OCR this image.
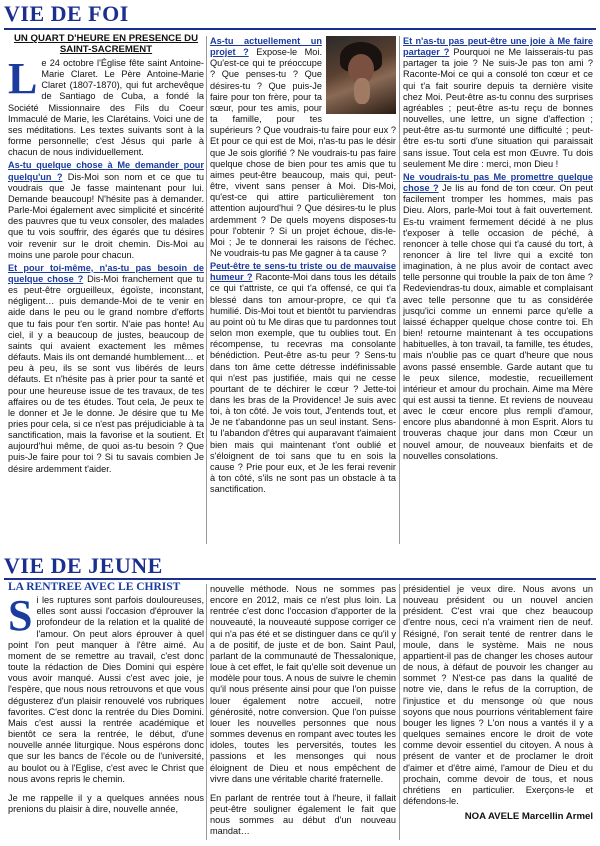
VIE DE FOI
UN QUART D'HEURE EN PRESENCE DU SAINT-SACREMENT

Le 24 octobre l'Église fête saint Antoine-Marie Claret. Le Père Antoine-Marie Claret (1807-1870), qui fut archevêque de Santiago de Cuba, a fondé la Société Missionnaire des Fils du Coeur Immaculé de Marie, les Clarétains. Voici une de ses méditations. Les textes suivants sont à la forme personnelle; c'est Jésus qui parle à chacun de nous individuellement.

As-tu quelque chose à Me demander pour quelqu'un ? Dis-Moi son nom et ce que tu voudrais que Je fasse maintenant pour lui. Demande beaucoup! N'hésite pas à demander. Parle-Moi également avec simplicité et sincérité des pauvres que tu veux consoler, des malades que tu vois souffrir, des égarés que tu désires voir revenir sur le droit chemin. Dis-Moi au moins une parole pour chacun.

Et pour toi-même, n'as-tu pas besoin de quelque chose ? Dis-Moi franchement que tu es peut-être orgueilleux, égoïste, inconstant, négligent… puis demande-Moi de te venir en aide dans le peu ou le grand nombre d'efforts que tu fais pour t'en sortir. N'aie pas honte! Au ciel, il y a beaucoup de justes, beaucoup de saints qui avaient exactement les mêmes défauts. Mais ils ont demandé humblement… et peu à peu, ils se sont vus libérés de leurs défauts. Et n'hésite pas à prier pour ta santé et pour une heureuse issue de tes travaux, de tes affaires ou de tes études. Tout cela, Je peux te le donner et Je le donne. Je désire que tu Me pries pour cela, si ce n'est pas préjudiciable à ta sanctification, mais la favorise et la soutient. Et aujourd'hui même, de quoi as-tu besoin ? Que puis-Je faire pour toi ? Si tu savais combien Je désire ardemment t'aider.

As-tu actuellement un projet ? Expose-le Moi. Qu'est-ce qui te préoccupe ? Que penses-tu ? Que désires-tu ? Que puis-Je faire pour ton frère, pour ta sœur, pour tes amis, pour ta famille, pour tes supérieurs ? Que voudrais-tu faire pour eux ? Et pour ce qui est de Moi, n'as-tu pas le désir que Je sois glorifié ? Ne voudrais-tu pas faire quelque chose de bien pour tes amis que tu aimes peut-être beaucoup, mais qui, peut-être, vivent sans penser à Moi. Dis-Moi, qu'est-ce qui attire particulièrement ton attention aujourd'hui ? Que désires-tu le plus ardemment ? De quels moyens disposes-tu pour l'obtenir ? Si un projet échoue, dis-le-Moi ; Je te donnerai les raisons de l'échec. Ne voudrais-tu pas Me gagner à ta cause ?

Peut-être te sens-tu triste ou de mauvaise humeur ? Raconte-Moi dans tous les détails ce qui t'attriste, ce qui t'a offensé, ce qui t'a blessé dans ton amour-propre, ce qui t'a humilié. Dis-Moi tout et bientôt tu parviendras au point où tu Me diras que tu pardonnes tout selon mon exemple, que tu oublies tout. En récompense, tu recevras ma consolante bénédiction. Peut-être as-tu peur ? Sens-tu dans ton âme cette détresse indéfinissable qui n'est pas justifiée, mais qui ne cesse pourtant de te déchirer le cœur ? Jette-toi dans les bras de la Providence! Je suis avec toi, à ton côté. Je vois tout, J'entends tout, et Je ne t'abandonne pas un seul instant. Sens-tu l'abandon d'êtres qui auparavant t'aimaient bien mais qui maintenant t'ont oublié et s'éloignent de toi sans que tu en sois la cause ? Prie pour eux, et Je les ferai revenir à ton côté, s'ils ne sont pas un obstacle à ta sanctification.

Et n'as-tu pas peut-être une joie à Me faire partager ? Pourquoi ne Me laisserais-tu pas partager ta joie ? Ne suis-Je pas ton ami ? Raconte-Moi ce qui a consolé ton cœur et ce qui t'a fait sourire depuis ta dernière visite chez Moi. Peut-être as-tu connu des surprises agréables ; peut-être as-tu reçu de bonnes nouvelles, une lettre, un signe d'affection ; peut-être as-tu surmonté une difficulté ; peut-être es-tu sorti d'une situation qui paraissait sans issue. Tout cela est mon Œuvre. Tu dois seulement Me dire : merci, mon Dieu !

Ne voudrais-tu pas Me promettre quelque chose ? Je lis au fond de ton cœur. On peut facilement tromper les hommes, mais pas Dieu. Alors, parle-Moi tout à fait ouvertement. Es-tu vraiment fermement décidé à ne plus t'exposer à telle occasion de péché, à renoncer à telle chose qui t'a causé du tort, à renoncer à lire tel livre qui a excité ton imagination, à ne plus avoir de contact avec telle personne qui trouble la paix de ton âme ? Redeviendras-tu doux, aimable et complaisant avec telle personne que tu as considérée jusqu'ici comme un ennemi parce qu'elle a laissé échapper quelque chose contre toi. Eh bien! retourne maintenant à tes occupations habituelles, à ton travail, ta famille, tes études, mais n'oublie pas ce quart d'heure que nous avons passé ensemble. Garde autant que tu le peux silence, modestie, recueillement intérieur et amour du prochain. Aime ma Mère qui est aussi ta tienne. Et reviens de nouveau avec le cœur encore plus rempli d'amour, encore plus abandonné à mon Esprit. Alors tu trouveras chaque jour dans mon Cœur un nouvel amour, de nouveaux bienfaits et de nouvelles consolations.

VIE DE JEUNE
LA RENTREE AVEC LE CHRIST

Si les ruptures sont parfois douloureuses, elles sont aussi l'occasion d'éprouver la profondeur de la relation et la qualité de l'amour. On peut alors éprouver à quel point l'on peut manquer à l'être aimé. Au moment de se remettre au travail, c'est donc toute la rédaction de Dies Domini qui espère vous avoir manqué. Aussi c'est avec joie, je l'espère, que nous nous retrouvons et que vous dégusterez d'un plaisir renouvelé vos rubriques favorites. C'est donc la rentrée du Dies Domini. Mais c'est aussi la rentrée académique et bientôt ce sera la rentrée, le début, d'une nouvelle année liturgique. Nous espérons donc que sur les bancs de l'école ou de l'université, au boulot ou à l'Eglise, c'est avec le Christ que nous avons repris le chemin.

Je me rappelle il y a quelques années nous prenions du plaisir à dire, nouvelle année,

nouvelle méthode. Nous ne sommes pas encore en 2012, mais ce n'est plus loin. La rentrée c'est donc l'occasion d'apporter de la nouveauté, la nouveauté suppose corriger ce qui n'a pas été et se distinguer dans ce qu'il y a de positif, de juste et de bon. Saint Paul, parlant de la communauté de Thessalonique, loue à cet effet, le fait qu'elle soit devenue un modèle pour tous. A nous de suivre le chemin qu'il nous présente ainsi pour que l'on puisse louer également notre accueil, notre générosité, notre conversion. Que l'on puisse louer les nouvelles personnes que nous sommes devenus en rompant avec toutes les idoles, toutes les perversités, toutes les passions et les mensonges qui nous éloignent de Dieu et nous empêchent de vivre dans une véritable charité fraternelle.

En parlant de rentrée tout à l'heure, il fallait peut-être souligner également le fait que nous sommes au début d'un nouveau mandat…

présidentiel je veux dire. Nous avons un nouveau président ou un nouvel ancien président. C'est vrai que chez beaucoup d'entre nous, ceci n'a vraiment rien de neuf. Résigné, l'on serait tenté de rentrer dans le moule, dans le système. Mais ne nous appartient-il pas de changer les choses autour de nous, à défaut de pouvoir les changer au sommet ? N'est-ce pas dans la qualité de notre vie, dans le refus de la corruption, de l'injustice et du mensonge où que nous soyons que nous pourrions véritablement faire bouger les lignes ? L'on nous a vantés il y a quelques semaines encore le droit de vote comme devoir essentiel du citoyen. A nous à présent de vanter et de proclamer le droit d'aimer et d'être aimé, l'amour de Dieu et du prochain, comme devoir de tous, et nous chrétiens en particulier. Exerçons-le et défendons-le.

NOA AVELE Marcellin Armel
